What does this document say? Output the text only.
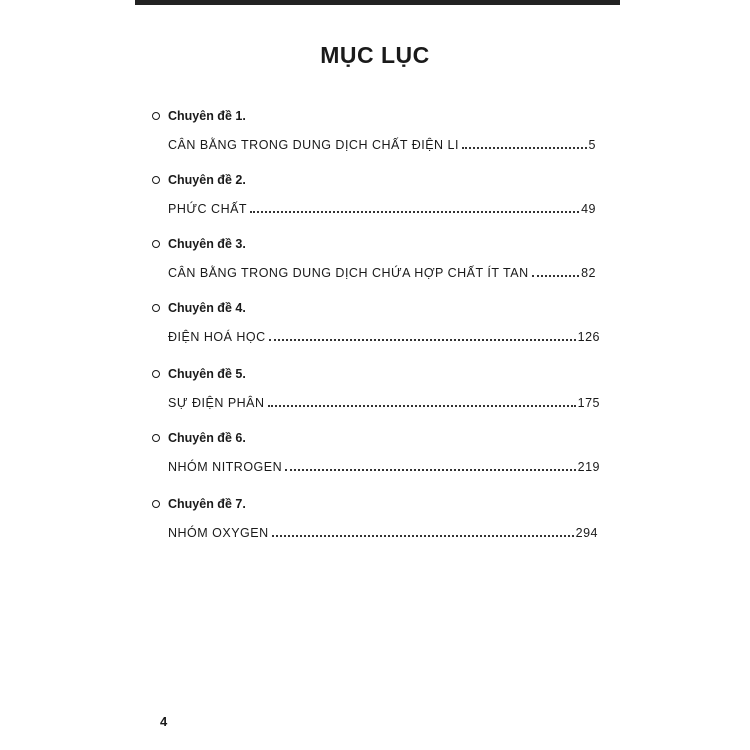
MỤC LỤC
Chuyên đề 1.
CÂN BẰNG TRONG DUNG DỊCH CHẤT ĐIỆN LI	5
Chuyên đề 2.
PHỨC CHẤT	49
Chuyên đề 3.
CÂN BẰNG TRONG DUNG DỊCH CHỨA HỢP CHẤT ÍT TAN	82
Chuyên đề 4.
ĐIỆN HOÁ HỌC	126
Chuyên đề 5.
SỰ ĐIỆN PHÂN	175
Chuyên đề 6.
NHÓM NITROGEN	219
Chuyên đề 7.
NHÓM OXYGEN	294
4
